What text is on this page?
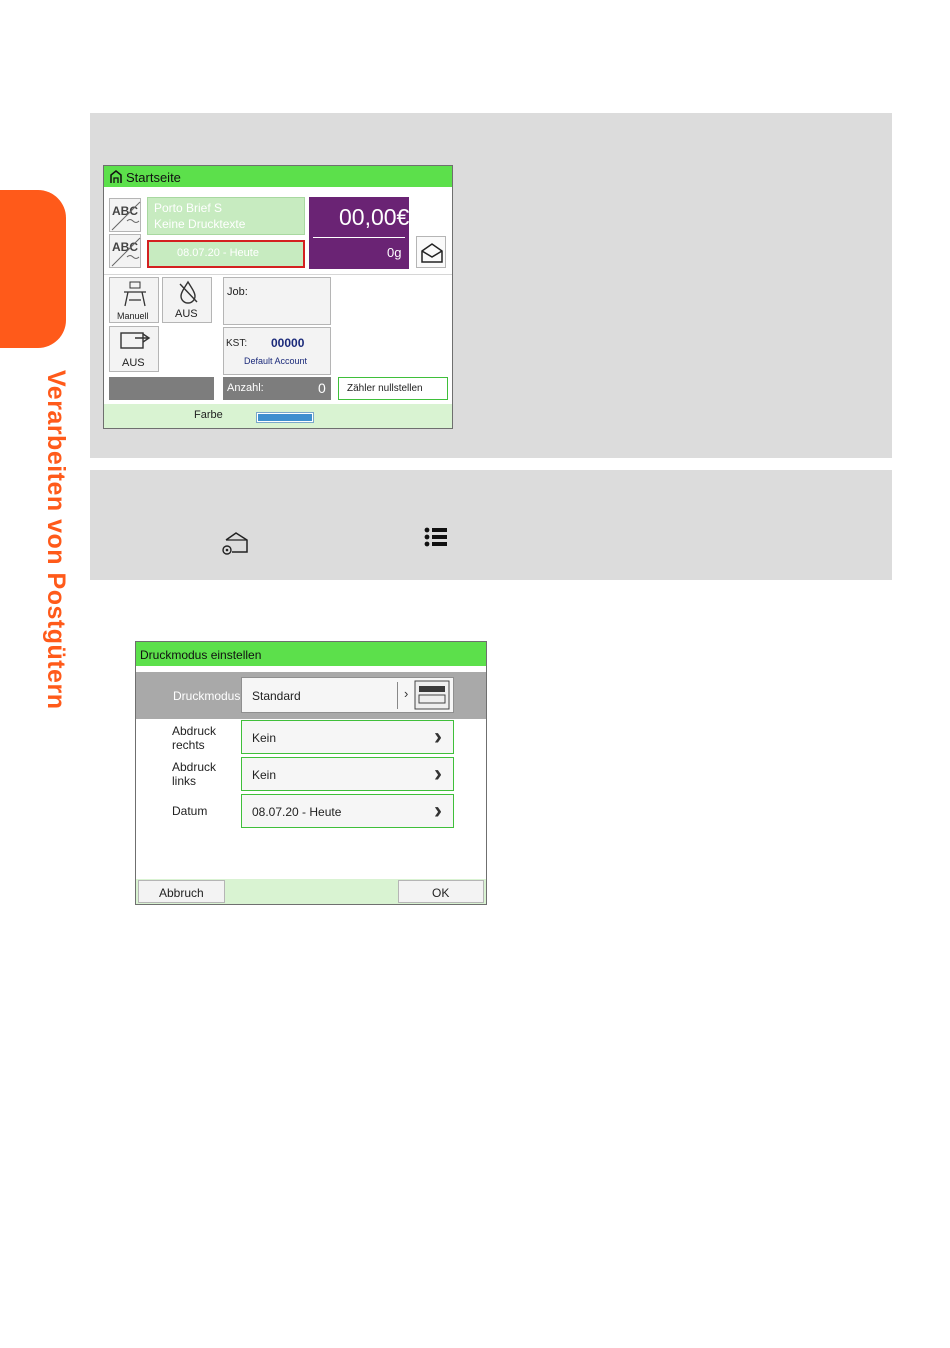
Verarbeiten von Postgütern
Startseite
ABC
ABC
Porto Brief S
Keine Drucktexte
08.07.20 - Heute
00,00€
0g
Manuell AUS
AUS
Job:
KST: 00000
Default Account
Anzahl:	0 Zähler nullstellen
Farbe
Druckmodus einstellen
Druckmodus Standard	›
Abdruck rechts	Kein	›
Abdruck links	Kein	›
Datum	08.07.20 - Heute	›
Abbruch	OK
